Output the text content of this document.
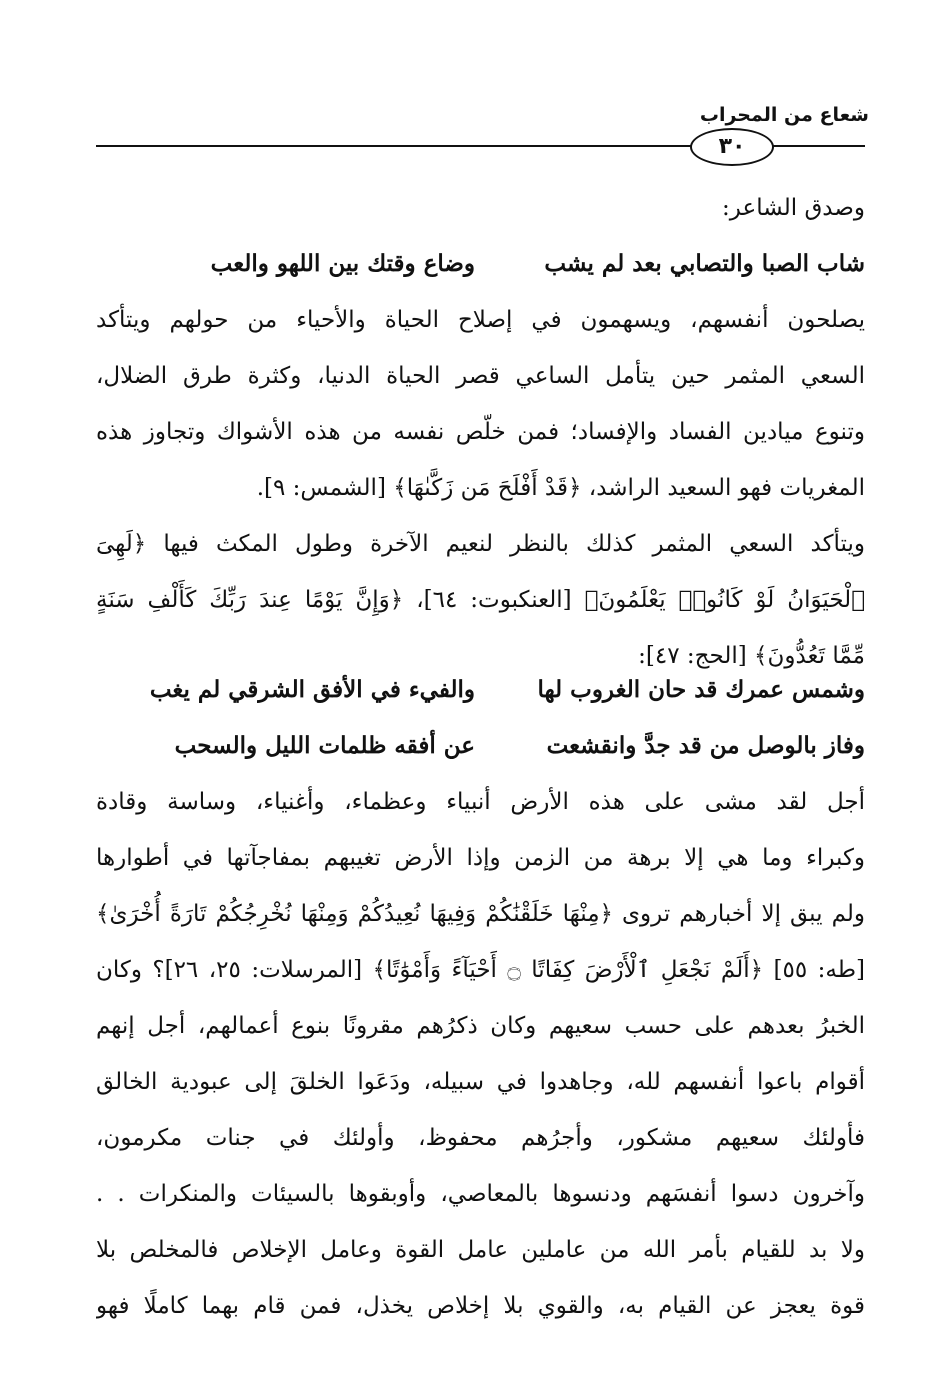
شعاع من المحراب
٣٠
وصدق الشاعر:
شاب الصبا والتصابي بعد لم يشبوضاع وقتك بين اللهو والعب
يصلحون أنفسهم، ويسهمون في إصلاح الحياة والأحياء من حولهم ويتأكد
السعي المثمر حين يتأمل الساعي قصر الحياة الدنيا، وكثرة طرق الضلال،
وتنوع ميادين الفساد والإفساد؛ فمن خلّص نفسه من هذه الأشواك وتجاوز هذه
المغريات فهو السعيد الراشد، ﴿قَدْ أَفْلَحَ مَن زَكَّىٰهَا﴾ [الشمس: ٩].
ويتأكد السعي المثمر كذلك بالنظر لنعيم الآخرة وطول المكث فيها ﴿لَهِىَ
ٱلْحَيَوَانُ لَوْ كَانُوا۟ يَعْلَمُونَ﴾ [العنكبوت: ٦٤]، ﴿وَإِنَّ يَوْمًا عِندَ رَبِّكَ كَأَلْفِ سَنَةٍ
مِّمَّا تَعُدُّونَ﴾ [الحج: ٤٧]:
وشمس عمرك قد حان الغروب لهاوالفيء في الأفق الشرقي لم يغب
وفاز بالوصل من قد جدَّ وانقشعتعن أفقه ظلمات الليل والسحب
أجل لقد مشى على هذه الأرض أنبياء وعظماء، وأغنياء، وساسة وقادة
وكبراء وما هي إلا برهة من الزمن وإذا الأرض تغيبهم بمفاجآتها في أطوارها
ولم يبق إلا أخبارهم تروى ﴿مِنْهَا خَلَقْنَٰكُمْ وَفِيهَا نُعِيدُكُمْ وَمِنْهَا نُخْرِجُكُمْ تَارَةً أُخْرَىٰ﴾
[طه: ٥٥] ﴿أَلَمْ نَجْعَلِ ٱلْأَرْضَ كِفَاتًا ۝ أَحْيَآءً وَأَمْوَٰتًا﴾ [المرسلات: ٢٥، ٢٦]؟ وكان
الخبرُ بعدهم على حسب سعيهم وكان ذكرُهم مقرونًا بنوع أعمالهم، أجل إنهم
أقوام باعوا أنفسهم لله، وجاهدوا في سبيله، ودَعَوا الخلقَ إلى عبودية الخالق
فأولئك سعيهم مشكور، وأجرُهم محفوظ، وأولئك في جنات مكرمون،
وآخرون دسوا أنفسَهم ودنسوها بالمعاصي، وأوبقوها بالسيئات والمنكرات . .
ولا بد للقيام بأمر الله من عاملين عامل القوة وعامل الإخلاص فالمخلص بلا
قوة يعجز عن القيام به، والقوي بلا إخلاص يخذل، فمن قام بهما كاملًا فهو
